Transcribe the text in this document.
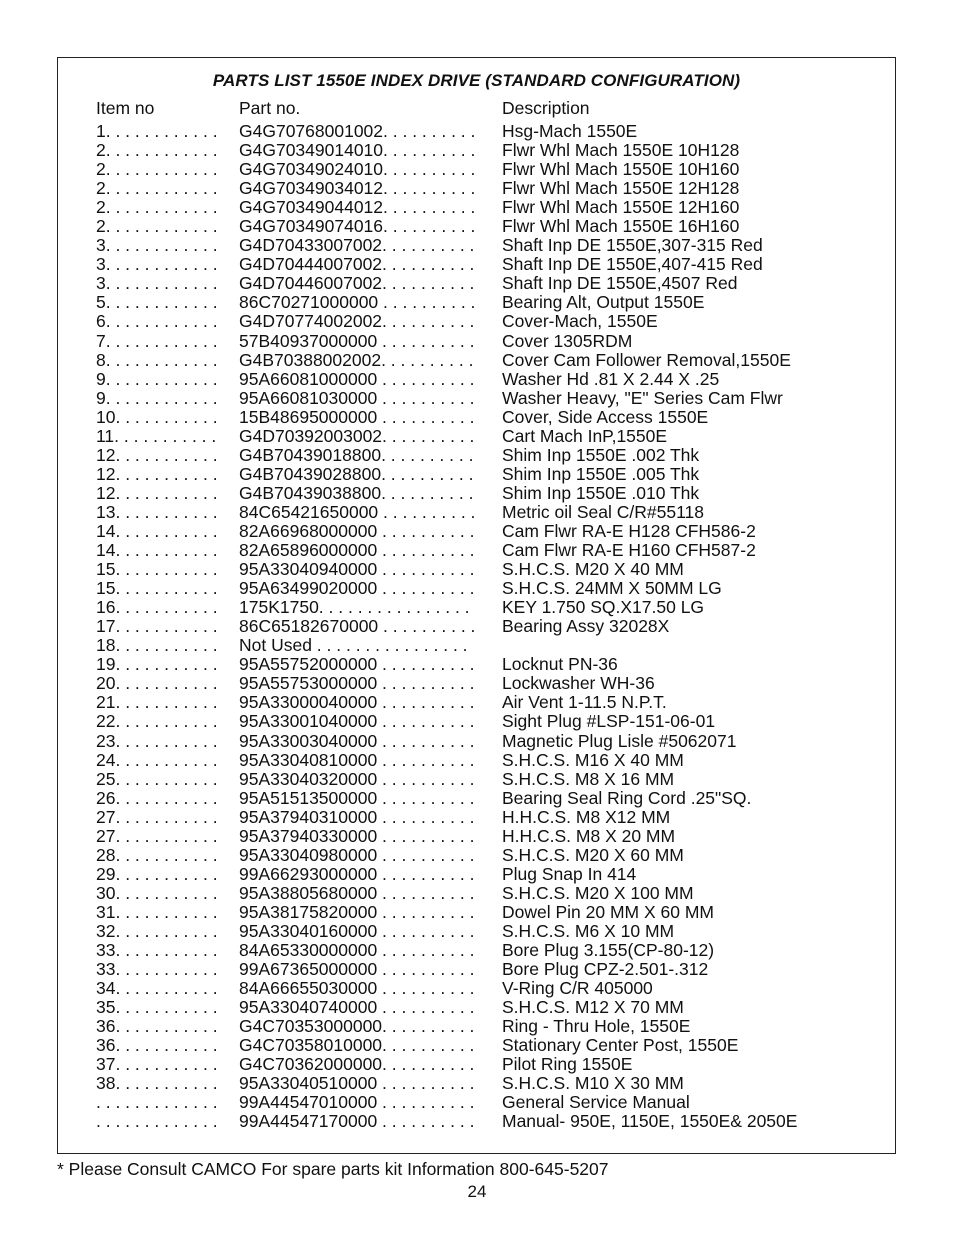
PARTS LIST 1550E INDEX DRIVE (STANDARD CONFIGURATION)
Item no	Part no.	Description
1. . . . . . . . . . . .	G4G70768001002. . . . . . . . . .	Hsg-Mach 1550E
2. . . . . . . . . . . .	G4G70349014010. . . . . . . . . .	Flwr Whl Mach 1550E 10H128
2. . . . . . . . . . . .	G4G70349024010. . . . . . . . . .	Flwr Whl Mach 1550E 10H160
2. . . . . . . . . . . .	G4G70349034012. . . . . . . . . .	Flwr Whl Mach 1550E 12H128
2. . . . . . . . . . . .	G4G70349044012. . . . . . . . . .	Flwr Whl Mach 1550E 12H160
2. . . . . . . . . . . .	G4G70349074016. . . . . . . . . .	Flwr Whl Mach 1550E 16H160
3. . . . . . . . . . . .	G4D70433007002. . . . . . . . . .	Shaft Inp DE 1550E,307-315 Red
3. . . . . . . . . . . .	G4D70444007002. . . . . . . . . .	Shaft Inp DE 1550E,407-415 Red
3. . . . . . . . . . . .	G4D70446007002. . . . . . . . . .	Shaft Inp DE 1550E,4507 Red
5. . . . . . . . . . . .	86C70271000000 . . . . . . . . . .	Bearing Alt, Output 1550E
6. . . . . . . . . . . .	G4D70774002002. . . . . . . . . .	Cover-Mach, 1550E
7. . . . . . . . . . . .	57B40937000000 . . . . . . . . . .	Cover 1305RDM
8. . . . . . . . . . . .	G4B70388002002. . . . . . . . . .	Cover Cam Follower Removal,1550E
9. . . . . . . . . . . .	95A66081000000 . . . . . . . . . .	Washer Hd .81 X 2.44 X .25
9. . . . . . . . . . . .	95A66081030000 . . . . . . . . . .	Washer Heavy, "E" Series Cam Flwr
10. . . . . . . . . . .	15B48695000000 . . . . . . . . . .	Cover, Side Access 1550E
11. . . . . . . . . . .	G4D70392003002. . . . . . . . . .	Cart Mach InP,1550E
12. . . . . . . . . . .	G4B70439018800. . . . . . . . . .	Shim Inp 1550E .002 Thk
12. . . . . . . . . . .	G4B70439028800. . . . . . . . . .	Shim Inp 1550E .005 Thk
12. . . . . . . . . . .	G4B70439038800. . . . . . . . . .	Shim Inp 1550E .010 Thk
13. . . . . . . . . . .	84C65421650000 . . . . . . . . . .	Metric oil Seal C/R#55118
14. . . . . . . . . . .	82A66968000000 . . . . . . . . . .	Cam Flwr RA-E H128 CFH586-2
14. . . . . . . . . . .	82A65896000000 . . . . . . . . . .	Cam Flwr RA-E H160 CFH587-2
15. . . . . . . . . . .	95A33040940000 . . . . . . . . . .	S.H.C.S. M20 X 40 MM
15. . . . . . . . . . .	95A63499020000 . . . . . . . . . .	S.H.C.S. 24MM X 50MM LG
16. . . . . . . . . . .	175K1750. . . . . . . . . . . . . . . .	KEY 1.750 SQ.X17.50 LG
17. . . . . . . . . . .	86C65182670000 . . . . . . . . . .	Bearing Assy 32028X
18. . . . . . . . . . .	Not Used . . . . . . . . . . . . . . . .
19. . . . . . . . . . .	95A55752000000 . . . . . . . . . .	Locknut PN-36
20. . . . . . . . . . .	95A55753000000 . . . . . . . . . .	Lockwasher WH-36
21. . . . . . . . . . .	95A33000040000 . . . . . . . . . .	Air Vent 1-11.5 N.P.T.
22. . . . . . . . . . .	95A33001040000 . . . . . . . . . .	Sight Plug #LSP-151-06-01
23. . . . . . . . . . .	95A33003040000 . . . . . . . . . .	Magnetic Plug Lisle #5062071
24. . . . . . . . . . .	95A33040810000 . . . . . . . . . .	S.H.C.S. M16 X 40 MM
25. . . . . . . . . . .	95A33040320000 . . . . . . . . . .	S.H.C.S. M8 X 16 MM
26. . . . . . . . . . .	95A51513500000 . . . . . . . . . .	Bearing Seal Ring Cord .25"SQ.
27. . . . . . . . . . .	95A37940310000 . . . . . . . . . .	H.H.C.S. M8 X12 MM
27. . . . . . . . . . .	95A37940330000 . . . . . . . . . .	H.H.C.S. M8 X 20 MM
28. . . . . . . . . . .	95A33040980000 . . . . . . . . . .	S.H.C.S. M20 X 60 MM
29. . . . . . . . . . .	99A66293000000 . . . . . . . . . .	Plug Snap In 414
30. . . . . . . . . . .	95A38805680000 . . . . . . . . . .	S.H.C.S. M20 X 100 MM
31. . . . . . . . . . .	95A38175820000 . . . . . . . . . .	Dowel Pin 20 MM X 60 MM
32. . . . . . . . . . .	95A33040160000 . . . . . . . . . .	S.H.C.S. M6 X 10 MM
33. . . . . . . . . . .	84A65330000000 . . . . . . . . . .	Bore Plug 3.155(CP-80-12)
33. . . . . . . . . . .	99A67365000000 . . . . . . . . . .	Bore Plug CPZ-2.501-.312
34. . . . . . . . . . .	84A66655030000 . . . . . . . . . .	V-Ring C/R 405000
35. . . . . . . . . . .	95A33040740000 . . . . . . . . . .	S.H.C.S. M12 X 70 MM
36. . . . . . . . . . .	G4C70353000000. . . . . . . . . .	Ring - Thru Hole, 1550E
36. . . . . . . . . . .	G4C70358010000. . . . . . . . . .	Stationary Center Post, 1550E
37. . . . . . . . . . .	G4C70362000000. . . . . . . . . .	Pilot Ring 1550E
38. . . . . . . . . . .	95A33040510000 . . . . . . . . . .	S.H.C.S. M10 X 30 MM
. . . . . . . . . . . . .	99A44547010000 . . . . . . . . . .	General Service Manual
. . . . . . . . . . . . .	99A44547170000 . . . . . . . . . .	Manual- 950E, 1150E, 1550E& 2050E
* Please Consult CAMCO For spare parts kit Information 800-645-5207
24
